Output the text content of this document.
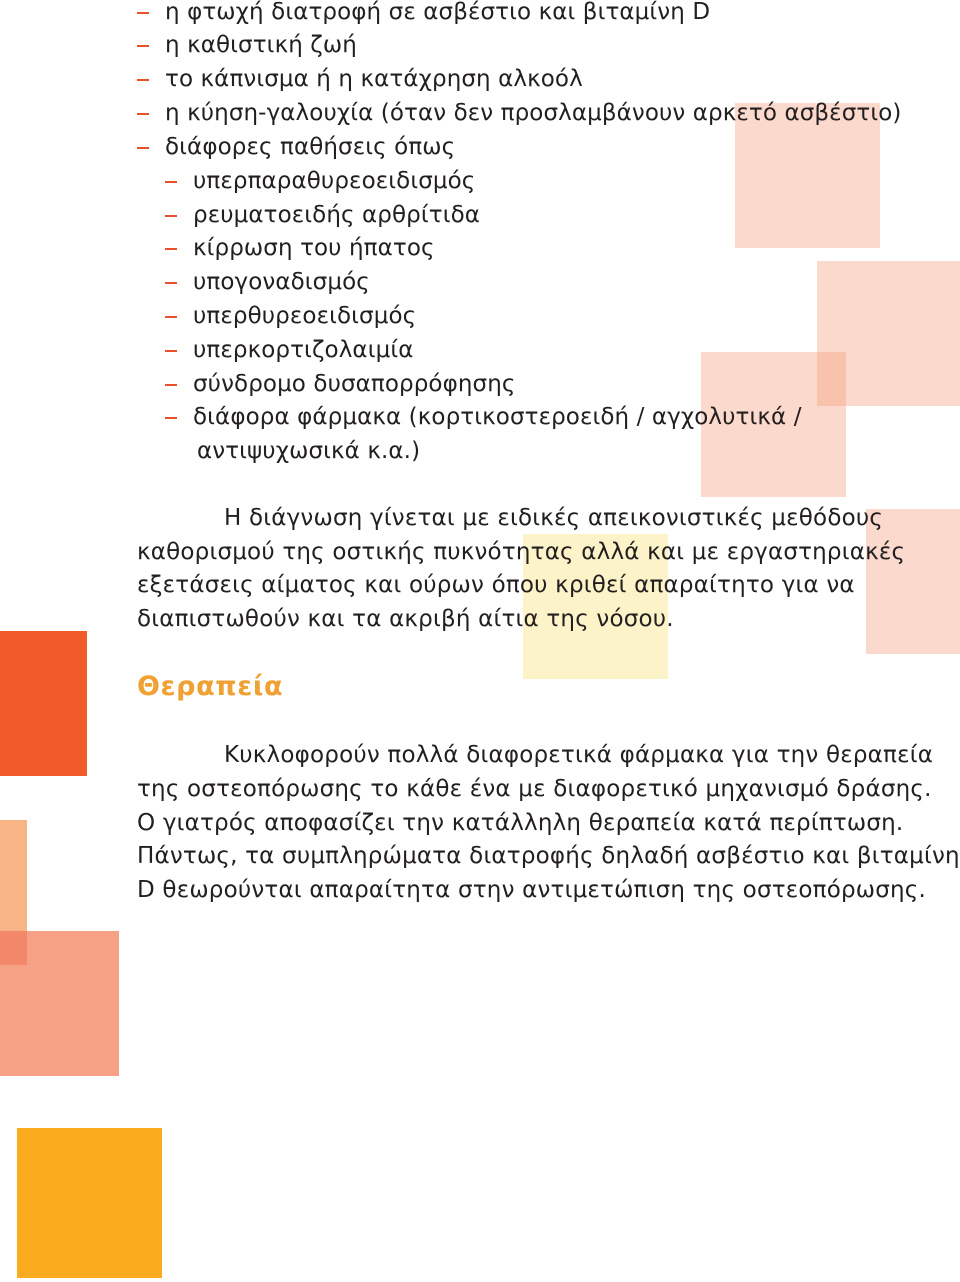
η φτωχή διατροφή σε ασβέστιο και βιταμίνη D
η καθιστική ζωή
το κάπνισμα ή η κατάχρηση αλκοόλ
η κύηση-γαλουχία (όταν δεν προσλαμβάνουν αρκετό ασβέστιο)
διάφορες παθήσεις όπως
υπερπαραθυρεοειδισμός
ρευματοειδής αρθρίτιδα
κίρρωση του ήπατος
υπογοναδισμός
υπερθυρεοειδισμός
υπερκορτιζολαιμία
σύνδρομο δυσαπορρόφησης
διάφορα φάρμακα (κορτικοστεροειδή / αγχολυτικά /
αντιψυχωσικά κ.α.)
Η διάγνωση γίνεται με ειδικές απεικονιστικές μεθόδους
καθορισμού της οστικής πυκνότητας αλλά και με εργαστηριακές
εξετάσεις αίματος και ούρων όπου κριθεί απαραίτητο για να
διαπιστωθούν και τα ακριβή αίτια της νόσου.
Θεραπεία
Κυκλοφορούν πολλά διαφορετικά φάρμακα για την θεραπεία
της οστεοπόρωσης το κάθε ένα με διαφορετικό μηχανισμό δράσης.
Ο γιατρός αποφασίζει την κατάλληλη θεραπεία κατά περίπτωση.
Πάντως, τα συμπληρώματα διατροφής δηλαδή ασβέστιο και βιταμίνη
D θεωρούνται απαραίτητα στην αντιμετώπιση της οστεοπόρωσης.
